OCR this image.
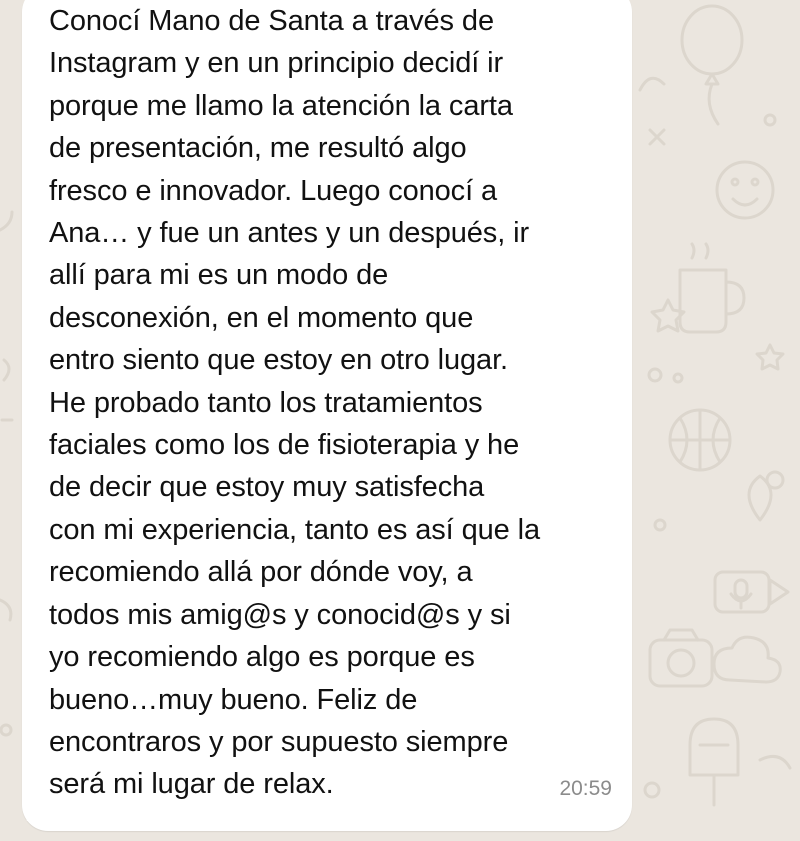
Conocí Mano de Santa a través de
Instagram y en un principio decidí ir
porque me llamo la atención la carta
de presentación, me resultó algo
fresco e innovador. Luego conocí a
Ana… y fue un antes y un después, ir
allí para mi es un modo de
desconexión, en el momento que
entro siento que estoy en otro lugar.
He probado tanto los tratamientos
faciales como los de fisioterapia y he
de decir que estoy muy satisfecha
con mi experiencia, tanto es así que la
recomiendo allá por dónde voy, a
todos mis amig@s y conocid@s y si
yo recomiendo algo es porque es
bueno…muy bueno. Feliz de
encontraros y por supuesto siempre
será mi lugar de relax.	20:59
